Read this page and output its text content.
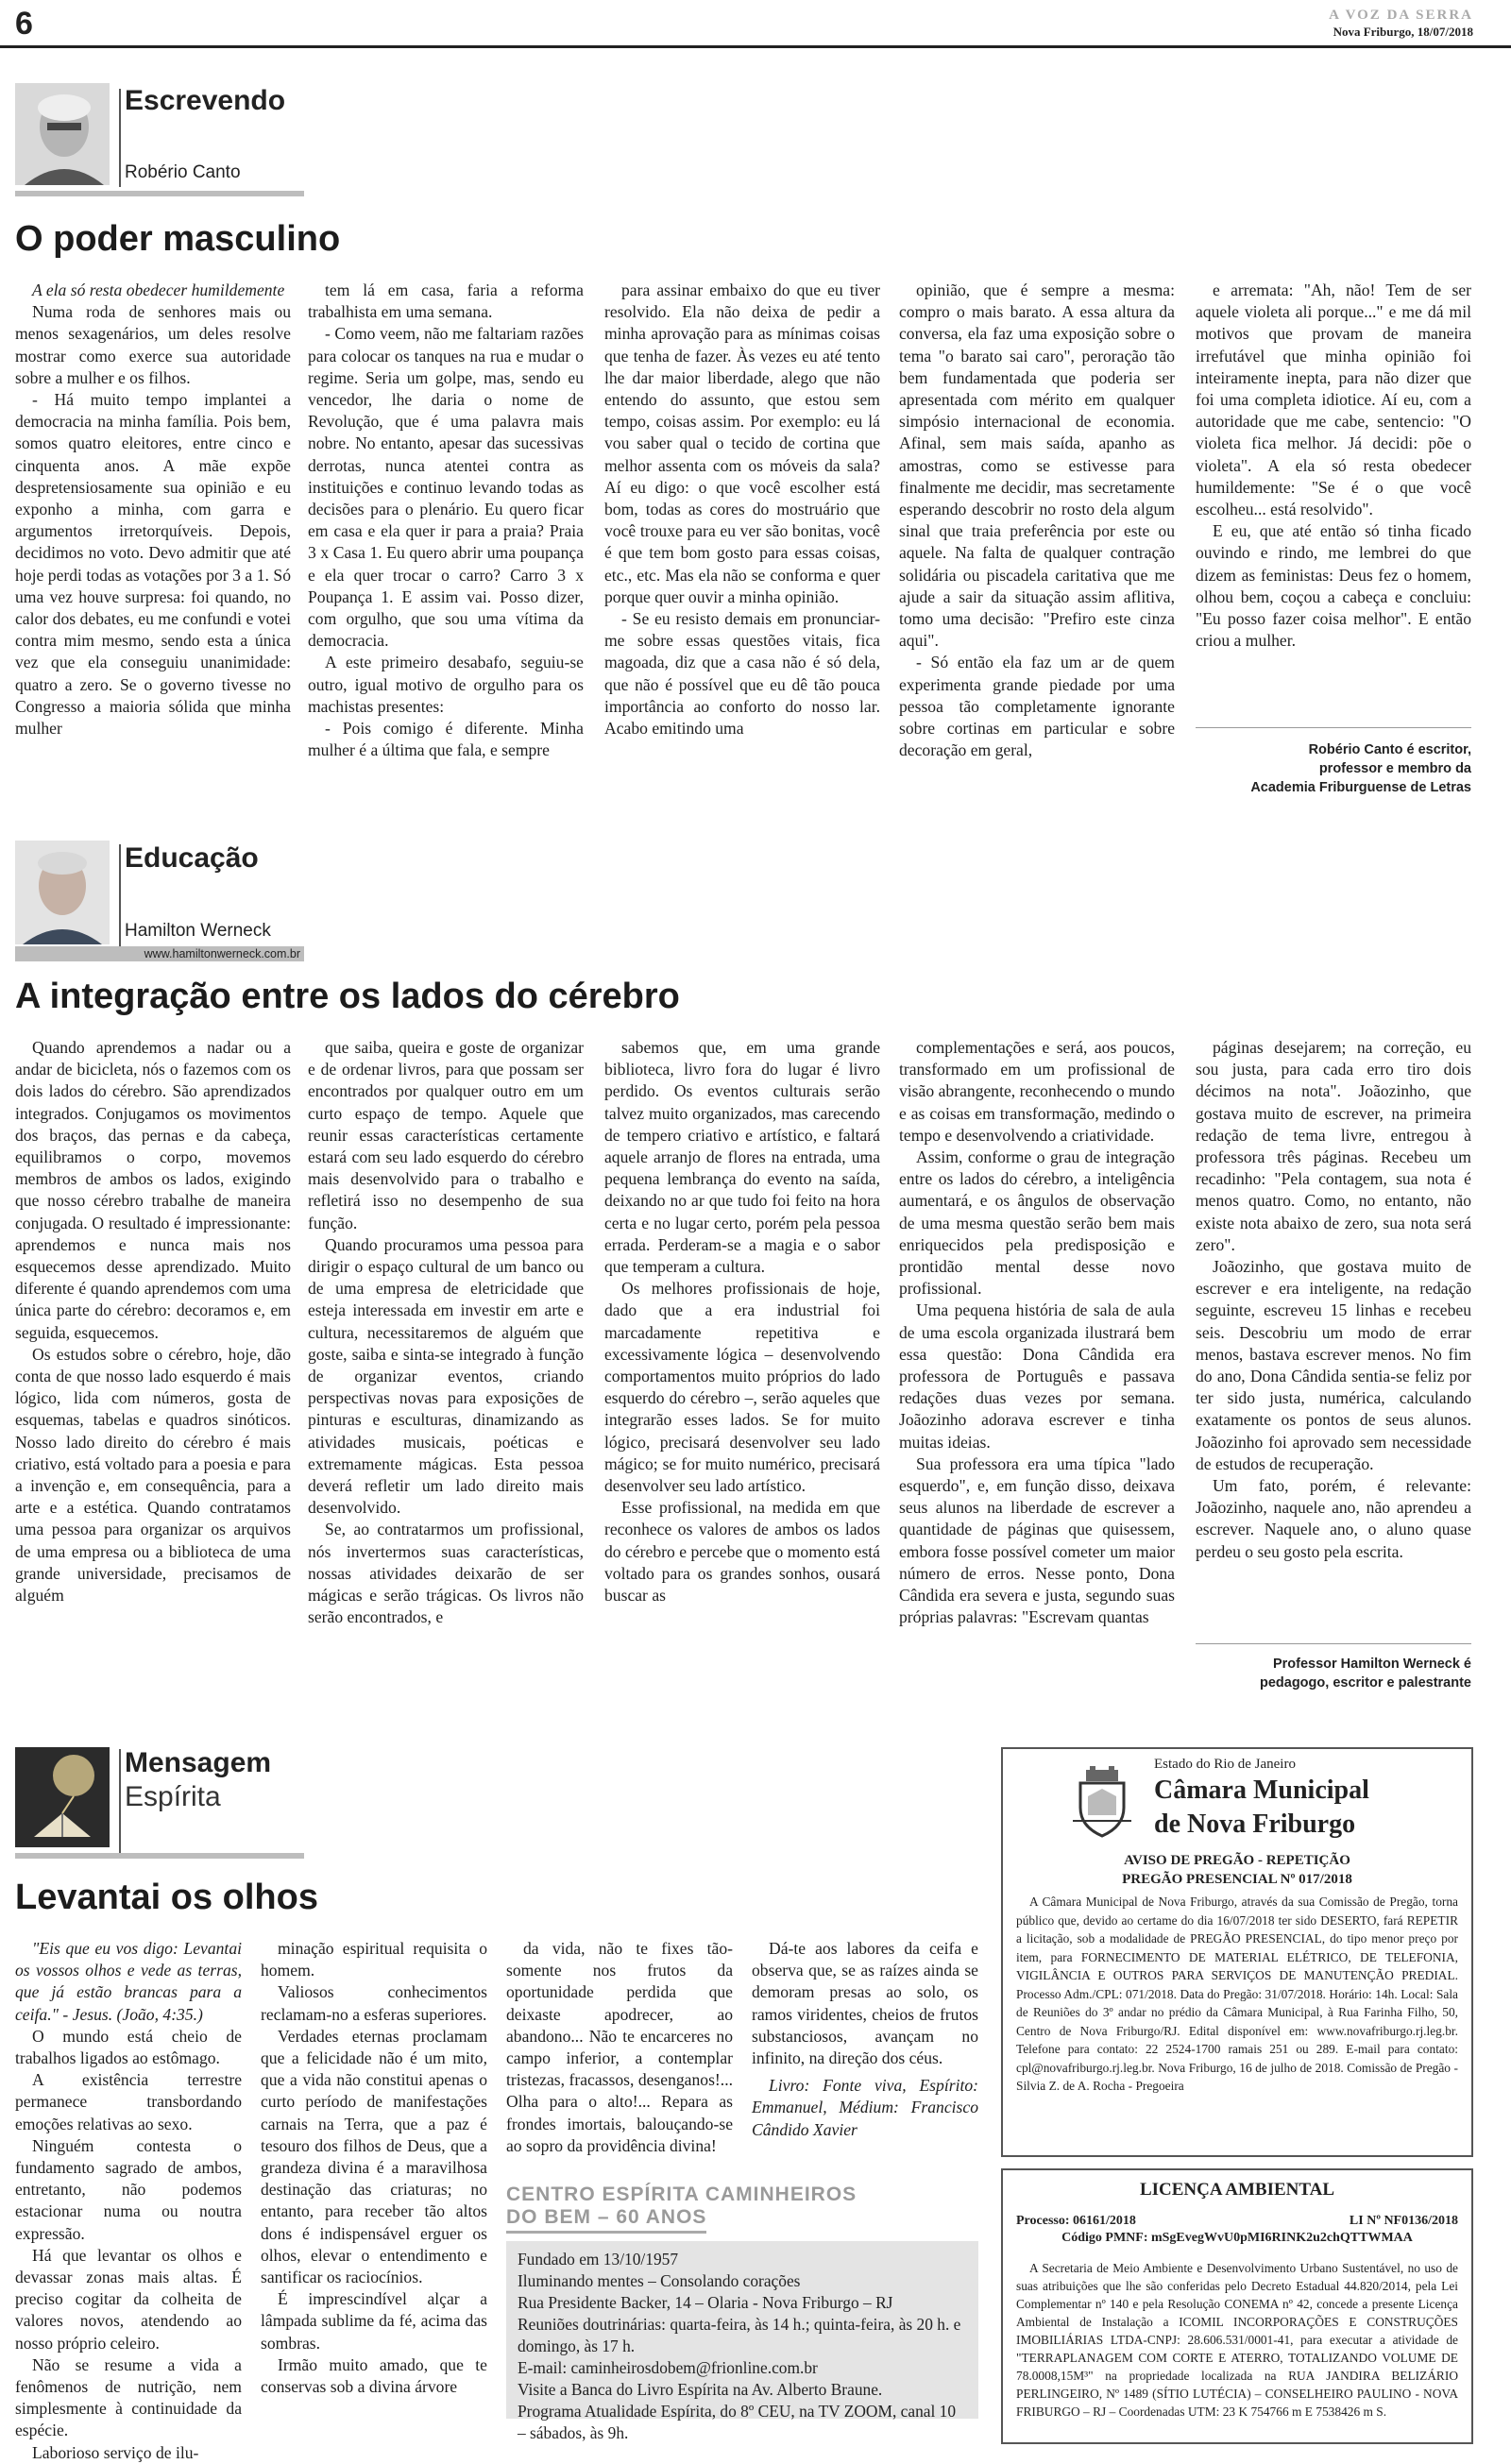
6	A VOZ DA SERRA
Nova Friburgo, 18/07/2018
Escrevendo
Robério Canto
O poder masculino

A ela só resta obedecer humildemente

Numa roda de senhores mais ou menos sexagenários, um deles resolve mostrar como exerce sua autoridade sobre a mulher e os filhos.

- Há muito tempo implantei a democracia na minha família. Pois bem, somos quatro eleitores, entre cinco e cinquenta anos. A mãe expõe despretensiosamente sua opinião e eu exponho a minha, com garra e argumentos irretorquíveis. Depois, decidimos no voto. Devo admitir que até hoje perdi todas as votações por 3 a 1. Só uma vez houve surpresa: foi quando, no calor dos debates, eu me confundi e votei contra mim mesmo, sendo esta a única vez que ela conseguiu unanimidade: quatro a zero. Se o governo tivesse no Congresso a maioria sólida que minha mulher

tem lá em casa, faria a reforma trabalhista em uma semana.

- Como veem, não me faltariam razões para colocar os tanques na rua e mudar o regime. Seria um golpe, mas, sendo eu vencedor, lhe daria o nome de Revolução, que é uma palavra mais nobre. No entanto, apesar das sucessivas derrotas, nunca atentei contra as instituições e continuo levando todas as decisões para o plenário. Eu quero ficar em casa e ela quer ir para a praia? Praia 3 x Casa 1. Eu quero abrir uma poupança e ela quer trocar o carro? Carro 3 x Poupança 1. E assim vai. Posso dizer, com orgulho, que sou uma vítima da democracia.

A este primeiro desabafo, seguiu-se outro, igual motivo de orgulho para os machistas presentes:

- Pois comigo é diferente. Minha mulher é a última que fala, e sempre

para assinar embaixo do que eu tiver resolvido. Ela não deixa de pedir a minha aprovação para as mínimas coisas que tenha de fazer. Às vezes eu até tento lhe dar maior liberdade, alego que não entendo do assunto, que estou sem tempo, coisas assim. Por exemplo: eu lá vou saber qual o tecido de cortina que melhor assenta com os móveis da sala? Aí eu digo: o que você escolher está bom, todas as cores do mostruário que você trouxe para eu ver são bonitas, você é que tem bom gosto para essas coisas, etc., etc. Mas ela não se conforma e quer porque quer ouvir a minha opinião.

- Se eu resisto demais em pronunciar-me sobre essas questões vitais, fica magoada, diz que a casa não é só dela, que não é possível que eu dê tão pouca importância ao conforto do nosso lar. Acabo emitindo uma

opinião, que é sempre a mesma: compro o mais barato. A essa altura da conversa, ela faz uma exposição sobre o tema "o barato sai caro", peroração tão bem fundamentada que poderia ser apresentada com mérito em qualquer simpósio internacional de economia. Afinal, sem mais saída, apanho as amostras, como se estivesse para finalmente me decidir, mas secretamente esperando descobrir no rosto dela algum sinal que traia preferência por este ou aquele. Na falta de qualquer contração solidária ou piscadela caritativa que me ajude a sair da situação assim aflitiva, tomo uma decisão: "Prefiro este cinza aqui".

- Só então ela faz um ar de quem experimenta grande piedade por uma pessoa tão completamente ignorante sobre cortinas em particular e sobre decoração em geral,

e arremata: "Ah, não! Tem de ser aquele violeta ali porque..." e me dá mil motivos que provam de maneira irrefutável que minha opinião foi inteiramente inepta, para não dizer que foi uma completa idiotice. Aí eu, com a autoridade que me cabe, sentencio: "O violeta fica melhor. Já decidi: põe o violeta". A ela só resta obedecer humildemente: "Se é o que você escolheu... está resolvido".

E eu, que até então só tinha ficado ouvindo e rindo, me lembrei do que dizem as feministas: Deus fez o homem, olhou bem, coçou a cabeça e concluiu: "Eu posso fazer coisa melhor". E então criou a mulher.

Robério Canto é escritor,
professor e membro da
Academia Friburguense de Letras
Educação
Hamilton Werneck
www.hamiltonwerneck.com.br
A integração entre os lados do cérebro

Quando aprendemos a nadar ou a andar de bicicleta, nós o fazemos com os dois lados do cérebro. São aprendizados integrados. Conjugamos os movimentos dos braços, das pernas e da cabeça, equilibramos o corpo, movemos membros de ambos os lados, exigindo que nosso cérebro trabalhe de maneira conjugada. O resultado é impressionante: aprendemos e nunca mais nos esquecemos desse aprendizado. Muito diferente é quando aprendemos com uma única parte do cérebro: decoramos e, em seguida, esquecemos.

Os estudos sobre o cérebro, hoje, dão conta de que nosso lado esquerdo é mais lógico, lida com números, gosta de esquemas, tabelas e quadros sinóticos. Nosso lado direito do cérebro é mais criativo, está voltado para a poesia e para a invenção e, em consequência, para a arte e a estética. Quando contratamos uma pessoa para organizar os arquivos de uma empresa ou a biblioteca de uma grande universidade, precisamos de alguém

que saiba, queira e goste de organizar e de ordenar livros, para que possam ser encontrados por qualquer outro em um curto espaço de tempo. Aquele que reunir essas características certamente estará com seu lado esquerdo do cérebro mais desenvolvido para o trabalho e refletirá isso no desempenho de sua função.

Quando procuramos uma pessoa para dirigir o espaço cultural de um banco ou de uma empresa de eletricidade que esteja interessada em investir em arte e cultura, necessitaremos de alguém que goste, saiba e sinta-se integrado à função de organizar eventos, criando perspectivas novas para exposições de pinturas e esculturas, dinamizando as atividades musicais, poéticas e extremamente mágicas. Esta pessoa deverá refletir um lado direito mais desenvolvido.

Se, ao contratarmos um profissional, nós invertermos suas características, nossas atividades deixarão de ser mágicas e serão trágicas. Os livros não serão encontrados, e

sabemos que, em uma grande biblioteca, livro fora do lugar é livro perdido. Os eventos culturais serão talvez muito organizados, mas carecendo de tempero criativo e artístico, e faltará aquele arranjo de flores na entrada, uma pequena lembrança do evento na saída, deixando no ar que tudo foi feito na hora certa e no lugar certo, porém pela pessoa errada. Perderam-se a magia e o sabor que temperam a cultura.

Os melhores profissionais de hoje, dado que a era industrial foi marcadamente repetitiva e excessivamente lógica – desenvolvendo comportamentos muito próprios do lado esquerdo do cérebro –, serão aqueles que integrarão esses lados. Se for muito lógico, precisará desenvolver seu lado mágico; se for muito numérico, precisará desenvolver seu lado artístico.

Esse profissional, na medida em que reconhece os valores de ambos os lados do cérebro e percebe que o momento está voltado para os grandes sonhos, ousará buscar as

complementações e será, aos poucos, transformado em um profissional de visão abrangente, reconhecendo o mundo e as coisas em transformação, medindo o tempo e desenvolvendo a criatividade.

Assim, conforme o grau de integração entre os lados do cérebro, a inteligência aumentará, e os ângulos de observação de uma mesma questão serão bem mais enriquecidos pela predisposição e prontidão mental desse novo profissional.

Uma pequena história de sala de aula de uma escola organizada ilustrará bem essa questão: Dona Cândida era professora de Português e passava redações duas vezes por semana. Joãozinho adorava escrever e tinha muitas ideias.

Sua professora era uma típica "lado esquerdo", e, em função disso, deixava seus alunos na liberdade de escrever a quantidade de páginas que quisessem, embora fosse possível cometer um maior número de erros. Nesse ponto, Dona Cândida era severa e justa, segundo suas próprias palavras: "Escrevam quantas

páginas desejarem; na correção, eu sou justa, para cada erro tiro dois décimos na nota". Joãozinho, que gostava muito de escrever, na primeira redação de tema livre, entregou à professora três páginas. Recebeu um recadinho: "Pela contagem, sua nota é menos quatro. Como, no entanto, não existe nota abaixo de zero, sua nota será zero".

Joãozinho, que gostava muito de escrever e era inteligente, na redação seguinte, escreveu 15 linhas e recebeu seis. Descobriu um modo de errar menos, bastava escrever menos. No fim do ano, Dona Cândida sentia-se feliz por ter sido justa, numérica, calculando exatamente os pontos de seus alunos. Joãozinho foi aprovado sem necessidade de estudos de recuperação.

Um fato, porém, é relevante: Joãozinho, naquele ano, não aprendeu a escrever. Naquele ano, o aluno quase perdeu o seu gosto pela escrita.

Professor Hamilton Werneck é
pedagogo, escritor e palestrante
Mensagem
Espírita
Levantai os olhos

"Eis que eu vos digo: Levantai os vossos olhos e vede as terras, que já estão brancas para a ceifa." - Jesus. (João, 4:35.)

O mundo está cheio de trabalhos ligados ao estômago.

A existência terrestre permanece transbordando emoções relativas ao sexo.

Ninguém contesta o fundamento sagrado de ambos, entretanto, não podemos estacionar numa ou noutra expressão.

Há que levantar os olhos e devassar zonas mais altas. É preciso cogitar da colheita de valores novos, atendendo ao nosso próprio celeiro.

Não se resume a vida a fenômenos de nutrição, nem simplesmente à continuidade da espécie.

Laborioso serviço de ilu-

minação espiritual requisita o homem.

Valiosos conhecimentos reclamam-no a esferas superiores.

Verdades eternas proclamam que a felicidade não é um mito, que a vida não constitui apenas o curto período de manifestações carnais na Terra, que a paz é tesouro dos filhos de Deus, que a grandeza divina é a maravilhosa destinação das criaturas; no entanto, para receber tão altos dons é indispensável erguer os olhos, elevar o entendimento e santificar os raciocínios.

É imprescindível alçar a lâmpada sublime da fé, acima das sombras.

Irmão muito amado, que te conservas sob a divina árvore

da vida, não te fixes tão-somente nos frutos da oportunidade perdida que deixaste apodrecer, ao abandono... Não te encarceres no campo inferior, a contemplar tristezas, fracassos, desenganos!... Olha para o alto!... Repara as frondes imortais, balouçando-se ao sopro da providência divina!

Dá-te aos labores da ceifa e observa que, se as raízes ainda se demoram presas ao solo, os ramos viridentes, cheios de frutos substanciosos, avançam no infinito, na direção dos céus.

Livro: Fonte viva, Espírito: Emmanuel, Médium: Francisco Cândido Xavier

CENTRO ESPÍRITA CAMINHEIROS
DO BEM – 60 ANOS
Fundado em 13/10/1957
Iluminando mentes – Consolando corações
Rua Presidente Backer, 14 – Olaria - Nova Friburgo – RJ
Reuniões doutrinárias: quarta-feira, às 14 h.; quinta-feira, às 20 h. e domingo, às 17 h.
E-mail: caminheirosdobem@frionline.com.br
Visite a Banca do Livro Espírita na Av. Alberto Braune.
Programa Atualidade Espírita, do 8º CEU, na TV ZOOM, canal 10 – sábados, às 9h.
Estado do Rio de Janeiro
Câmara Municipal
de Nova Friburgo
AVISO DE PREGÃO - REPETIÇÃO
PREGÃO PRESENCIAL Nº 017/2018
A Câmara Municipal de Nova Friburgo, através da sua Comissão de Pregão, torna público que, devido ao certame do dia 16/07/2018 ter sido DESERTO, fará REPETIR a licitação, sob a modalidade de PREGÃO PRESENCIAL, do tipo menor preço por item, para FORNECIMENTO DE MATERIAL ELÉTRICO, DE TELEFONIA, VIGILÂNCIA E OUTROS PARA SERVIÇOS DE MANUTENÇÃO PREDIAL. Processo Adm./CPL: 071/2018. Data do Pregão: 31/07/2018. Horário: 14h. Local: Sala de Reuniões do 3º andar no prédio da Câmara Municipal, à Rua Farinha Filho, 50, Centro de Nova Friburgo/RJ. Edital disponível em: www.novafriburgo.rj.leg.br. Telefone para contato: 22 2524-1700 ramais 251 ou 289. E-mail para contato: cpl@novafriburgo.rj.leg.br. Nova Friburgo, 16 de julho de 2018. Comissão de Pregão - Silvia Z. de A. Rocha - Pregoeira
LICENÇA AMBIENTAL
Processo: 06161/2018	LI Nº NF0136/2018
Código PMNF: mSgEvegWvU0pMI6RINK2u2chQTTWMAA
A Secretaria de Meio Ambiente e Desenvolvimento Urbano Sustentável, no uso de suas atribuições que lhe são conferidas pelo Decreto Estadual 44.820/2014, pela Lei Complementar nº 140 e pela Resolução CONEMA nº 42, concede a presente Licença Ambiental de Instalação a ICOMIL INCORPORAÇÕES E CONSTRUÇÕES IMOBILIÁRIAS LTDA-CNPJ: 28.606.531/0001-41, para executar a atividade de "TERRAPLANAGEM COM CORTE E ATERRO, TOTALIZANDO VOLUME DE 78.0008,15M³" na propriedade localizada na RUA JANDIRA BELIZÁRIO PERLINGEIRO, Nº 1489 (SÍTIO LUTÉCIA) – CONSELHEIRO PAULINO - NOVA FRIBURGO – RJ – Coordenadas UTM: 23 K 754766 m E 7538426 m S.
